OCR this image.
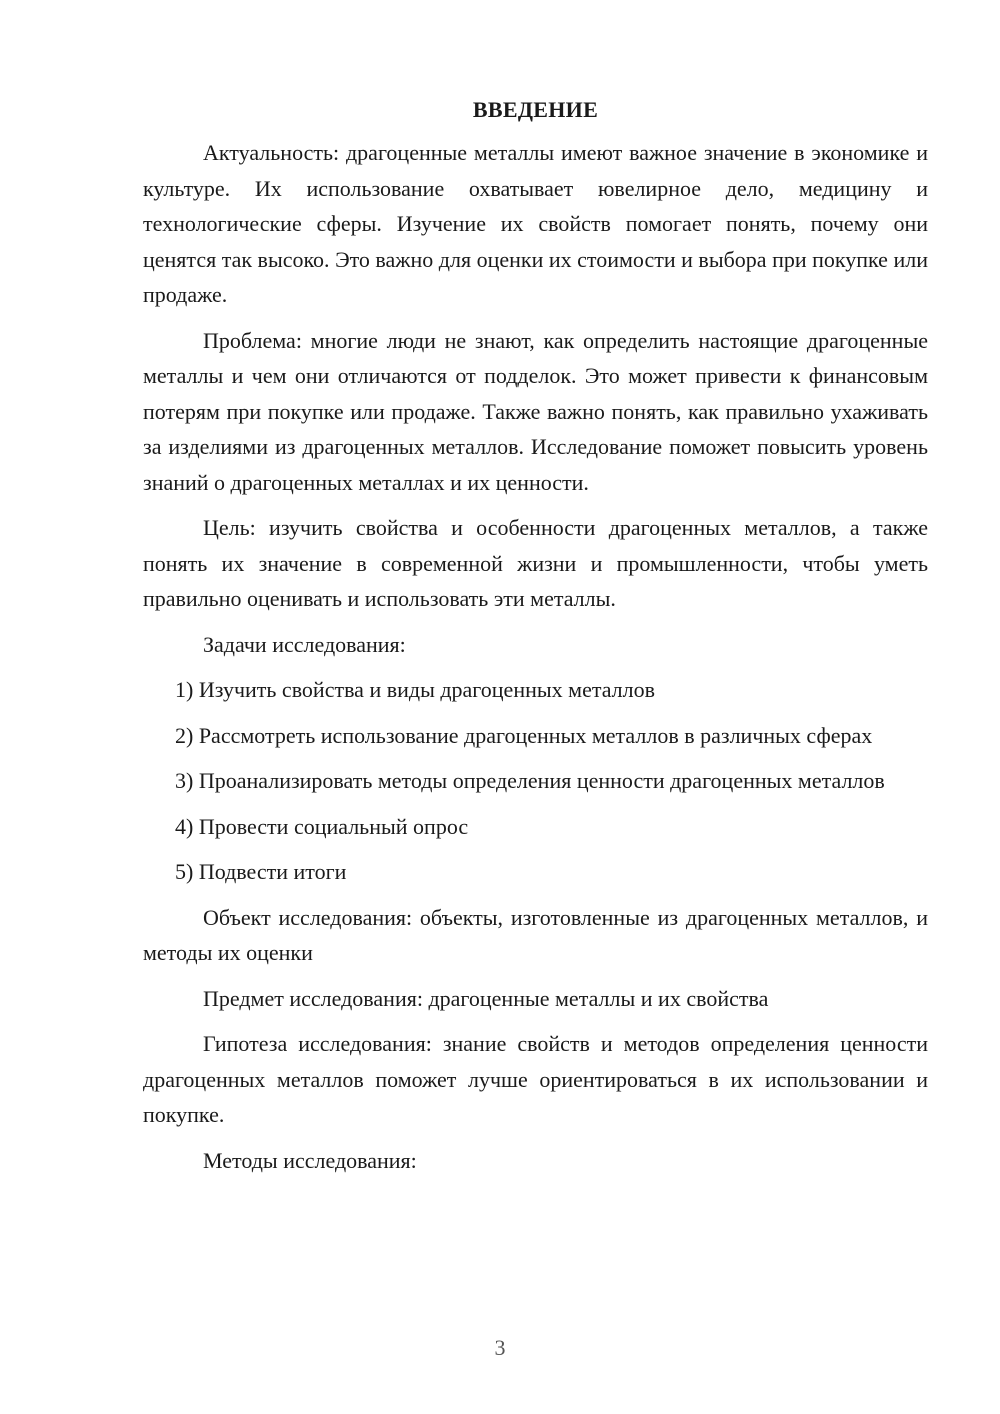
ВВЕДЕНИЕ

Актуальность: драгоценные металлы имеют важное значение в экономике и культуре. Их использование охватывает ювелирное дело, медицину и технологические сферы. Изучение их свойств помогает понять, почему они ценятся так высоко. Это важно для оценки их стоимости и выбора при покупке или продаже.

Проблема: многие люди не знают, как определить настоящие драгоценные металлы и чем они отличаются от подделок. Это может привести к финансовым потерям при покупке или продаже. Также важно понять, как правильно ухаживать за изделиями из драгоценных металлов. Исследование поможет повысить уровень знаний о драгоценных металлах и их ценности.

Цель: изучить свойства и особенности драгоценных металлов, а также понять их значение в современной жизни и промышленности, чтобы уметь правильно оценивать и использовать эти металлы.

Задачи исследования:

1) Изучить свойства и виды драгоценных металлов

2) Рассмотреть использование драгоценных металлов в различных сферах

3) Проанализировать методы определения ценности драгоценных металлов

4) Провести социальный опрос

5) Подвести итоги

Объект исследования: объекты, изготовленные из драгоценных металлов, и методы их оценки

Предмет исследования: драгоценные металлы и их свойства

Гипотеза исследования: знание свойств и методов определения ценности драгоценных металлов поможет лучше ориентироваться в их использовании и покупке.

Методы исследования:

3
